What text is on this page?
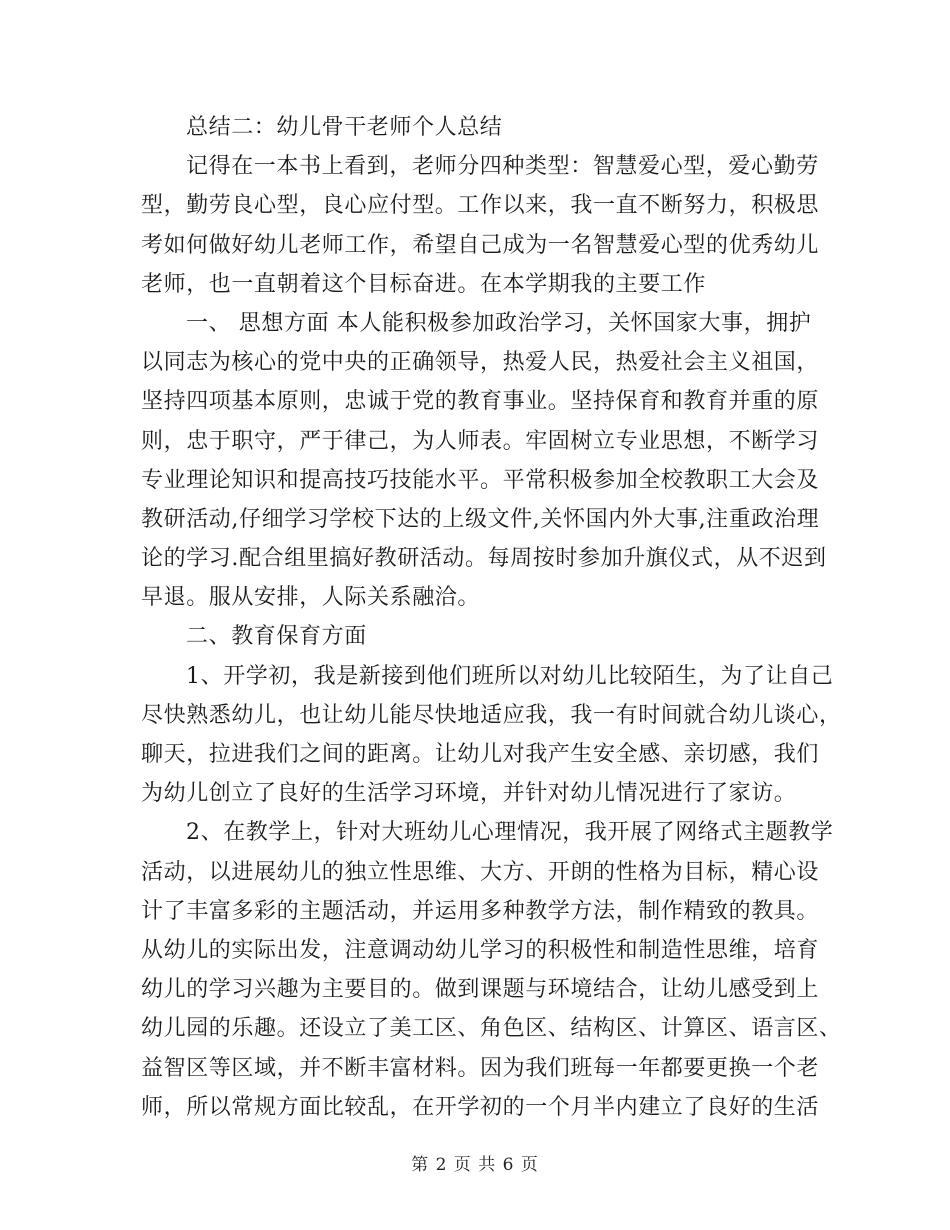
总结二：幼儿骨干老师个人总结
记得在一本书上看到，老师分四种类型：智慧爱心型，爱心勤劳
型，勤劳良心型，良心应付型。工作以来，我一直不断努力，积极思
考如何做好幼儿老师工作，希望自己成为一名智慧爱心型的优秀幼儿
老师，也一直朝着这个目标奋进。在本学期我的主要工作
一、 思想方面 本人能积极参加政治学习，关怀国家大事，拥护
以同志为核心的党中央的正确领导，热爱人民，热爱社会主义祖国，
坚持四项基本原则，忠诚于党的教育事业。坚持保育和教育并重的原
则，忠于职守，严于律己，为人师表。牢固树立专业思想，不断学习
专业理论知识和提高技巧技能水平。平常积极参加全校教职工大会及
教研活动,仔细学习学校下达的上级文件,关怀国内外大事,注重政治理
论的学习.配合组里搞好教研活动。每周按时参加升旗仪式，从不迟到
早退。服从安排，人际关系融洽。
二、教育保育方面
1、开学初，我是新接到他们班所以对幼儿比较陌生，为了让自己
尽快熟悉幼儿，也让幼儿能尽快地适应我，我一有时间就合幼儿谈心，
聊天，拉进我们之间的距离。让幼儿对我产生安全感、亲切感，我们
为幼儿创立了良好的生活学习环境，并针对幼儿情况进行了家访。
2、在教学上，针对大班幼儿心理情况，我开展了网络式主题教学
活动，以进展幼儿的独立性思维、大方、开朗的性格为目标，精心设
计了丰富多彩的主题活动，并运用多种教学方法，制作精致的教具。
从幼儿的实际出发，注意调动幼儿学习的积极性和制造性思维，培育
幼儿的学习兴趣为主要目的。做到课题与环境结合，让幼儿感受到上
幼儿园的乐趣。还设立了美工区、角色区、结构区、计算区、语言区、
益智区等区域，并不断丰富材料。因为我们班每一年都要更换一个老
师，所以常规方面比较乱，在开学初的一个月半内建立了良好的生活
第 2 页 共 6 页
